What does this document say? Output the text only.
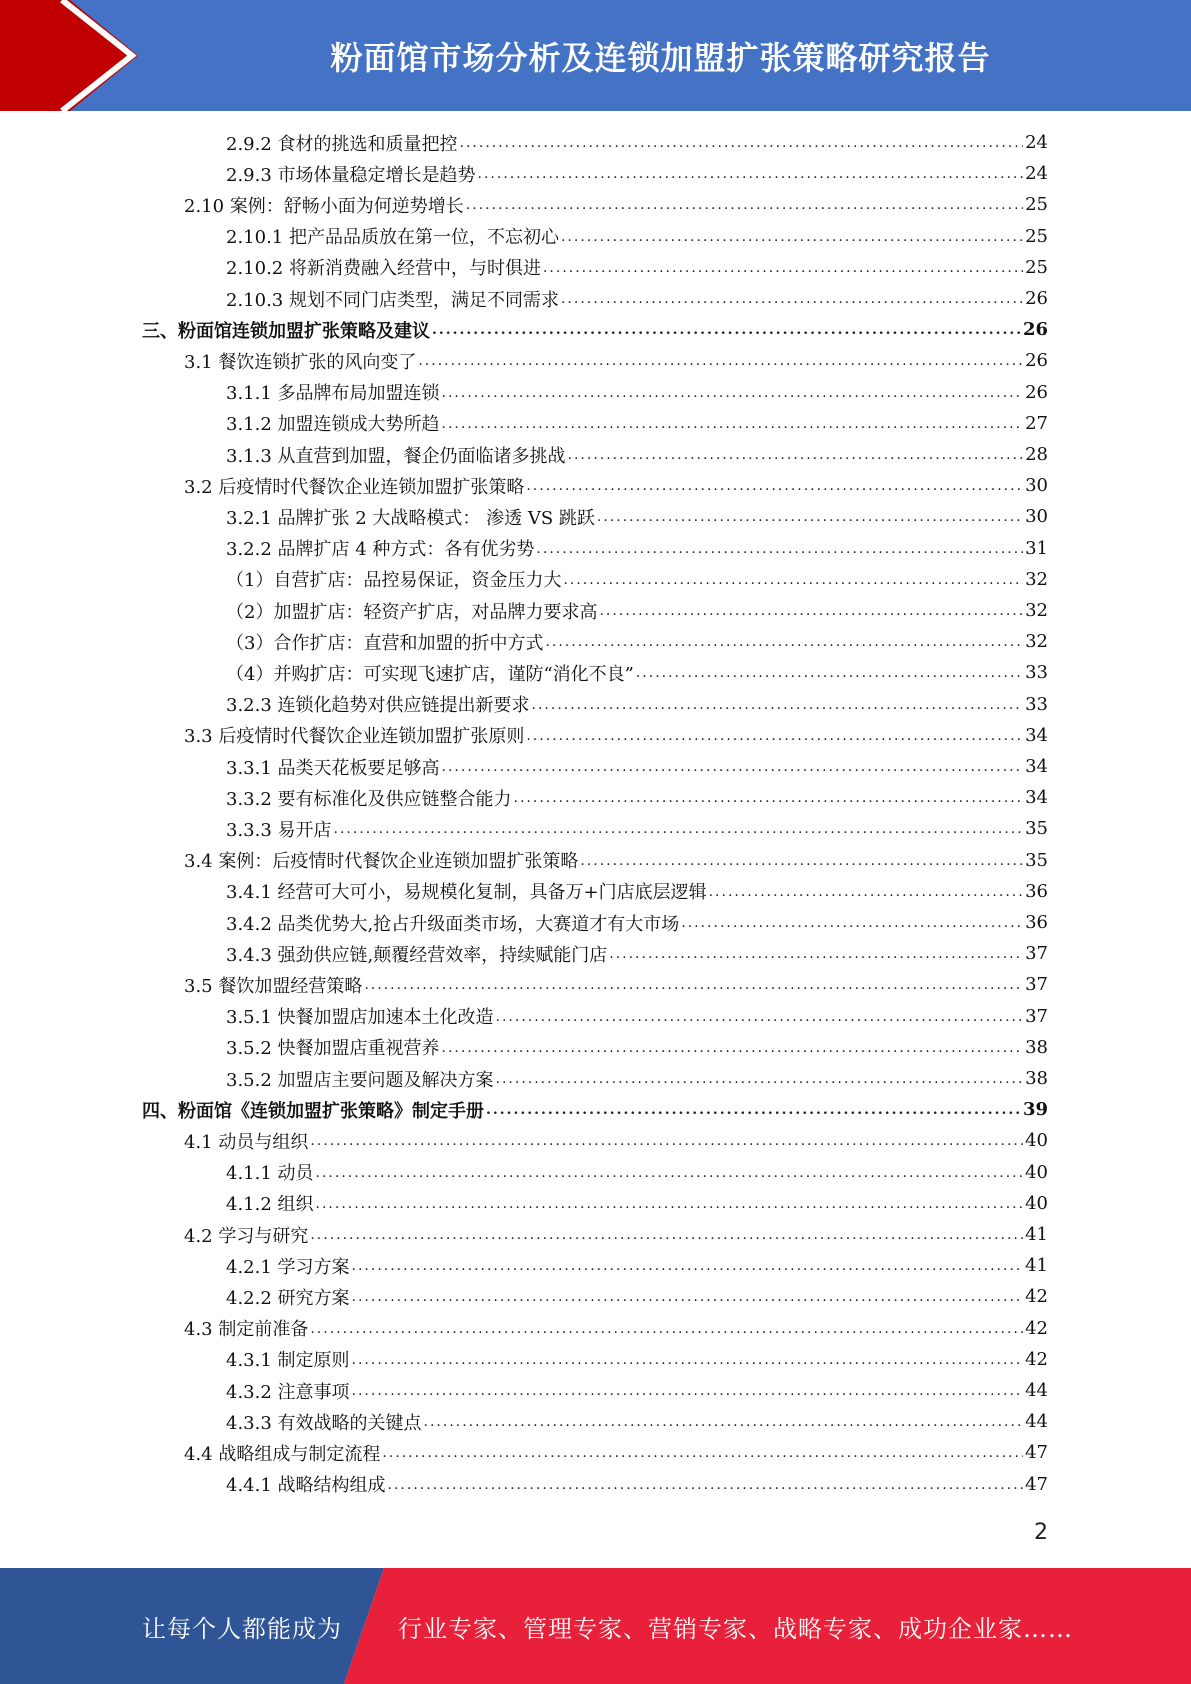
粉面馆市场分析及连锁加盟扩张策略研究报告
2.9.2 食材的挑选和质量把控 .....	24
2.9.3 市场体量稳定增长是趋势 .....	24
2.10 案例：舒畅小面为何逆势增长 .....	25
2.10.1 把产品品质放在第一位，不忘初心 .....	25
2.10.2 将新消费融入经营中，与时俱进 .....	25
2.10.3 规划不同门店类型，满足不同需求 .....	26
三、粉面馆连锁加盟扩张策略及建议 .....	26
3.1 餐饮连锁扩张的风向变了 .....	26
3.1.1 多品牌布局加盟连锁 .....	26
3.1.2 加盟连锁成大势所趋 .....	27
3.1.3 从直营到加盟，餐企仍面临诸多挑战 .....	28
3.2 后疫情时代餐饮企业连锁加盟扩张策略 .....	30
3.2.1 品牌扩张 2 大战略模式： 渗透 VS 跳跃 .....	30
3.2.2 品牌扩店 4 种方式：各有优劣势 .....	31
（1）自营扩店：品控易保证，资金压力大 .....	32
（2）加盟扩店：轻资产扩店，对品牌力要求高 .....	32
（3）合作扩店：直营和加盟的折中方式 .....	32
（4）并购扩店：可实现飞速扩店，谨防“消化不良” .....	33
3.2.3 连锁化趋势对供应链提出新要求 .....	33
3.3 后疫情时代餐饮企业连锁加盟扩张原则 .....	34
3.3.1 品类天花板要足够高 .....	34
3.3.2 要有标准化及供应链整合能力 .....	34
3.3.3 易开店 .....	35
3.4 案例：后疫情时代餐饮企业连锁加盟扩张策略 .....	35
3.4.1 经营可大可小，易规模化复制，具备万+门店底层逻辑 .....	36
3.4.2 品类优势大,抢占升级面类市场，大赛道才有大市场 .....	36
3.4.3 强劲供应链,颠覆经营效率，持续赋能门店 .....	37
3.5 餐饮加盟经营策略 .....	37
3.5.1 快餐加盟店加速本土化改造 .....	37
3.5.2 快餐加盟店重视营养 .....	38
3.5.2 加盟店主要问题及解决方案 .....	38
四、粉面馆《连锁加盟扩张策略》制定手册 .....	39
4.1 动员与组织 .....	40
4.1.1 动员 .....	40
4.1.2 组织 .....	40
4.2 学习与研究 .....	41
4.2.1 学习方案 .....	41
4.2.2 研究方案 .....	42
4.3 制定前准备 .....	42
4.3.1 制定原则 .....	42
4.3.2 注意事项 .....	44
4.3.3 有效战略的关键点 .....	44
4.4 战略组成与制定流程 .....	47
4.4.1 战略结构组成 .....	47
2
让每个人都能成为 行业专家、管理专家、营销专家、战略专家、成功企业家……
